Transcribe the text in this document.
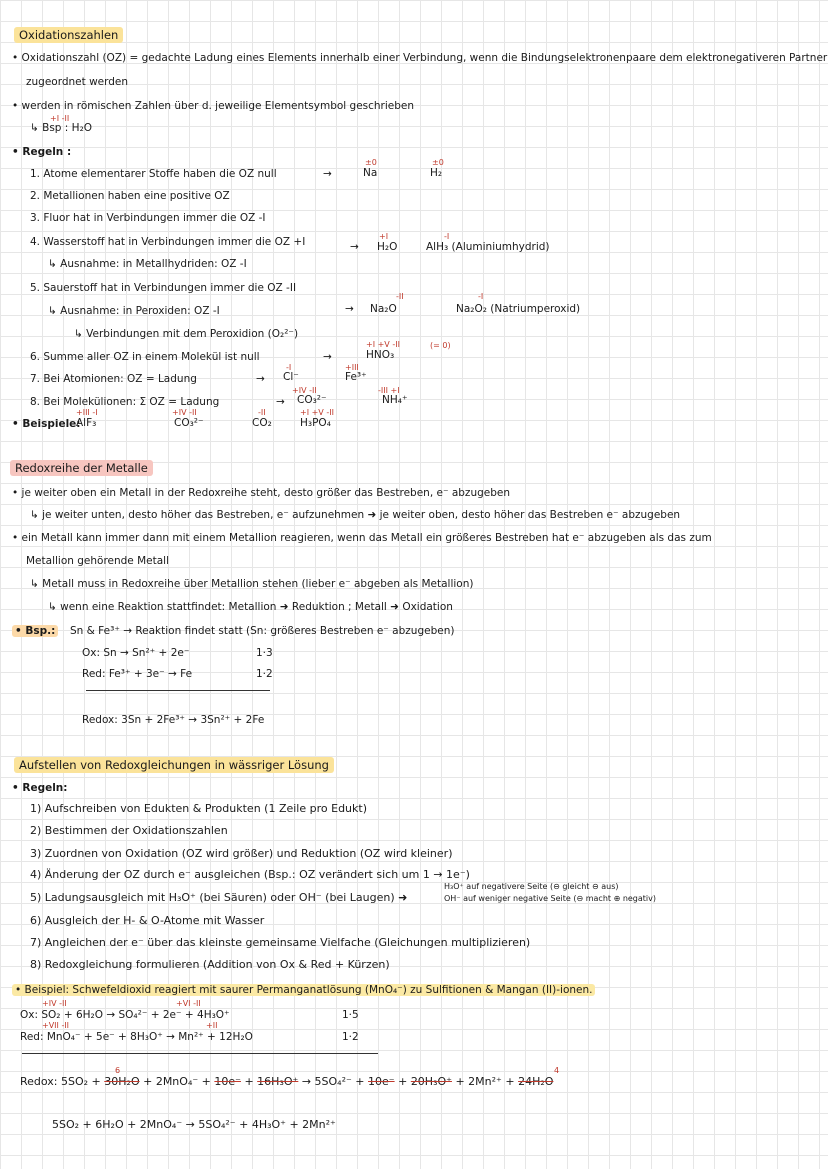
Oxidationszahlen
• Oxidationszahl (OZ) = gedachte Ladung eines Elements innerhalb einer Verbindung, wenn die Bindungselektronenpaare dem elektronegativeren Partner
zugeordnet werden
• werden in römischen Zahlen über d. jeweilige Elementsymbol geschrieben
+I -II
↳ Bsp : H₂O
• Regeln :
1. Atome elementarer Stoffe haben die OZ null	→
±0
Na
±0
H₂
2. Metallionen haben eine positive OZ
3. Fluor hat in Verbindungen immer die OZ -I
4. Wasserstoff hat in Verbindungen immer die OZ +I	→
+I
H₂O
-I
AlH₃ (Aluminiumhydrid)
↳ Ausnahme: in Metallhydriden: OZ -I
5. Sauerstoff hat in Verbindungen immer die OZ -II
↳ Ausnahme: in Peroxiden: OZ -I	→
-II
Na₂O
-I
Na₂O₂ (Natriumperoxid)
↳ Verbindungen mit dem Peroxidion (O₂²⁻)
6. Summe aller OZ in einem Molekül ist null	→
+I +V -II
HNO₃
(= 0)
7. Bei Atomionen: OZ = Ladung	→
-I
Cl⁻
+III
Fe³⁺
8. Bei Molekülionen: Σ OZ = Ladung	→
+IV -II
CO₃²⁻
-III +I
NH₄⁺
• Beispiele:
+III -I
AlF₃
+IV -II
CO₃²⁻
-II
CO₂
+I +V -II
H₃PO₄
Redoxreihe der Metalle
• je weiter oben ein Metall in der Redoxreihe steht, desto größer das Bestreben, e⁻ abzugeben
↳ je weiter unten, desto höher das Bestreben, e⁻ aufzunehmen ➜ je weiter oben, desto höher das Bestreben e⁻ abzugeben
• ein Metall kann immer dann mit einem Metallion reagieren, wenn das Metall ein größeres Bestreben hat e⁻ abzugeben als das zum
Metallion gehörende Metall
↳ Metall muss in Redoxreihe über Metallion stehen (lieber e⁻ abgeben als Metallion)
↳ wenn eine Reaktion stattfindet: Metallion ➜ Reduktion ; Metall ➜ Oxidation
• Bsp.: Sn & Fe³⁺ → Reaktion findet statt (Sn: größeres Bestreben e⁻ abzugeben)
Ox: Sn → Sn²⁺ + 2e⁻	1·3
Red: Fe³⁺ + 3e⁻ → Fe	1·2
Redox: 3Sn + 2Fe³⁺ → 3Sn²⁺ + 2Fe
Aufstellen von Redoxgleichungen in wässriger Lösung
• Regeln:
1) Aufschreiben von Edukten & Produkten (1 Zeile pro Edukt)
2) Bestimmen der Oxidationszahlen
3) Zuordnen von Oxidation (OZ wird größer) und Reduktion (OZ wird kleiner)
4) Änderung der OZ durch e⁻ ausgleichen (Bsp.: OZ verändert sich um 1 → 1e⁻)
5) Ladungsausgleich mit H₃O⁺ (bei Säuren) oder OH⁻ (bei Laugen) ➜
H₃O⁺ auf negativere Seite (⊖ gleicht ⊖ aus)
OH⁻ auf weniger negative Seite (⊖ macht ⊕ negativ)
6) Ausgleich der H- & O-Atome mit Wasser
7) Angleichen der e⁻ über das kleinste gemeinsame Vielfache (Gleichungen multiplizieren)
8) Redoxgleichung formulieren (Addition von Ox & Red + Kürzen)
• Beispiel: Schwefeldioxid reagiert mit saurer Permanganatlösung (MnO₄⁻) zu Sulfitionen & Mangan (II)-ionen.
+IV -II	+VI -II
Ox: SO₂ + 6H₂O → SO₄²⁻ + 2e⁻ + 4H₃O⁺	1·5
+VII -II	+II
Red: MnO₄⁻ + 5e⁻ + 8H₃O⁺ → Mn²⁺ + 12H₂O	1·2
6	4
Redox: 5SO₂ + 30H₂O + 2MnO₄⁻ + 10e⁻ + 16H₃O⁺ → 5SO₄²⁻ + 10e⁻ + 20H₃O⁺ + 2Mn²⁺ + 24H₂O
5SO₂ + 6H₂O + 2MnO₄⁻ → 5SO₄²⁻ + 4H₃O⁺ + 2Mn²⁺
